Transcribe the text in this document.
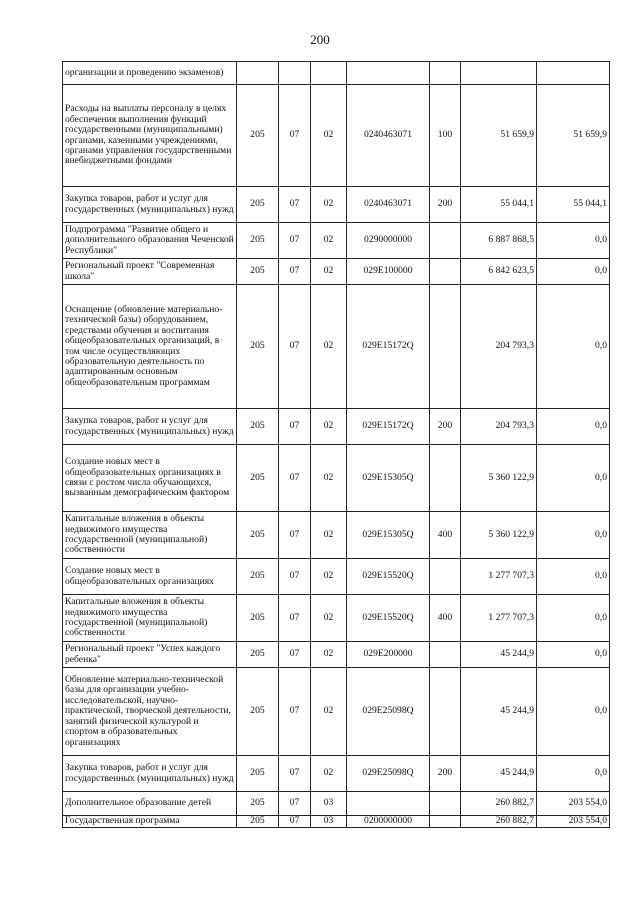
200
организации и проведению экзаменов)							
Расходы на выплаты персоналу в целях обеспечения выполнения функций государственными (муниципальными) органами, казенными учреждениями, органами управления государственными внебюджетными фондами	205	07	02	0240463071	100	51 659,9	51 659,9
Закупка товаров, работ и услуг для государственных (муниципальных) нужд	205	07	02	0240463071	200	55 044,1	55 044,1
Подпрограмма "Развитие общего и дополнительного образования Чеченской Республики"	205	07	02	0290000000		6 887 868,5	0,0
Региональный проект "Современная школа"	205	07	02	029E100000		6 842 623,5	0,0
Оснащение (обновление материально-технической базы) оборудованием, средствами обучения и воспитания общеобразовательных организаций, в том числе осуществляющих образовательную деятельность по адаптированным основным общеобразовательным программам	205	07	02	029E15172Q		204 793,3	0,0
Закупка товаров, работ и услуг для государственных (муниципальных) нужд	205	07	02	029E15172Q	200	204 793,3	0,0
Создание новых мест в общеобразовательных организациях в связи с ростом числа обучающихся, вызванным демографическим фактором	205	07	02	029E15305Q		5 360 122,9	0,0
Капитальные вложения в объекты недвижимого имущества государственной (муниципальной) собственности	205	07	02	029E15305Q	400	5 360 122,9	0,0
Создание новых мест в общеобразовательных организациях	205	07	02	029E15520Q		1 277 707,3	0,0
Капитальные вложения в объекты недвижимого имущества государственной (муниципальной) собственности	205	07	02	029E15520Q	400	1 277 707,3	0,0
Региональный проект "Успех каждого ребенка"	205	07	02	029E200000		45 244,9	0,0
Обновление материально-технической базы для организации учебно-исследовательской, научно-практической, творческой деятельности, занятий физической культурой и спортом в образовательных организациях	205	07	02	029E25098Q		45 244,9	0,0
Закупка товаров, работ и услуг для государственных (муниципальных) нужд	205	07	02	029E25098Q	200	45 244,9	0,0
Дополнительное образование детей	205	07	03			260 882,7	203 554,0
Государственная программа	205	07	03	0200000000		260 882,7	203 554,0
